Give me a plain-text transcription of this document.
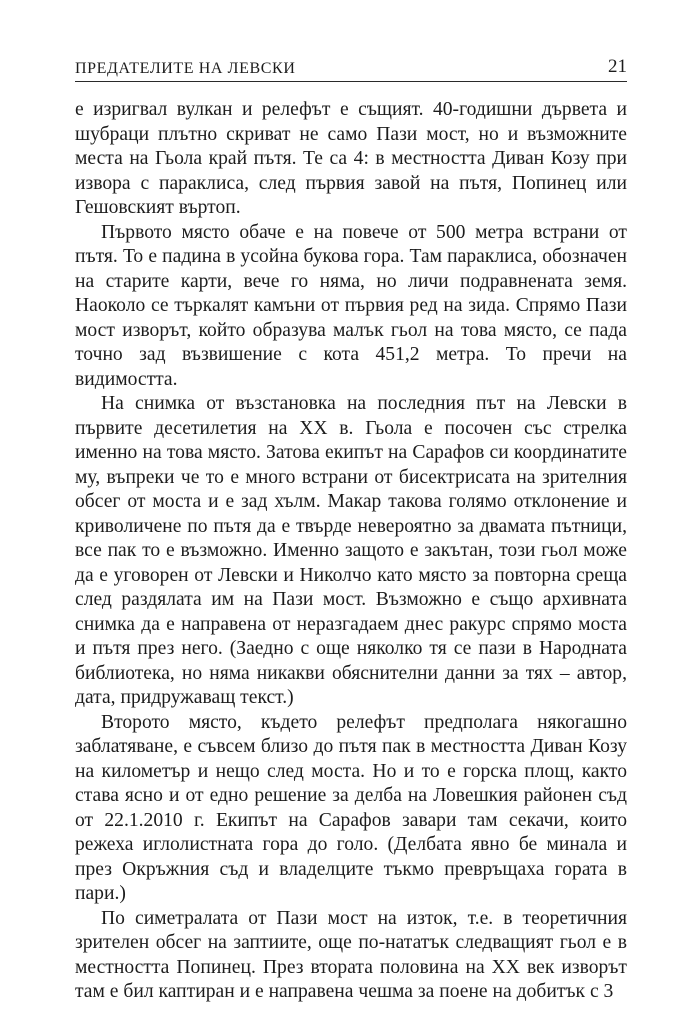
ПРЕДАТЕЛИТЕ НА ЛЕВСКИ	21

е изригвал вулкан и релефът е същият. 40-годишни дървета и шубраци плътно скриват не само Пази мост, но и възможните места на Гьола край пътя. Те са 4: в местността Диван Козу при извора с параклиса, след първия завой на пътя, Попинец или Гешовският въртоп.

Първото място обаче е на повече от 500 метра встрани от пътя. То е падина в усойна букова гора. Там параклиса, обозначен на старите карти, вече го няма, но личи подравнената земя. Наоколо се търкалят камъни от първия ред на зида. Спрямо Пази мост изворът, който образува малък гьол на това място, се пада точно зад възвишение с кота 451,2 метра. То пречи на видимостта.

На снимка от възстановка на последния път на Левски в първите десетилетия на XX в. Гьола е посочен със стрелка именно на това място. Затова екипът на Сарафов си координатите му, въпреки че то е много встрани от бисектрисата на зрителния обсег от моста и е зад хълм. Макар такова голямо отклонение и криволичене по пътя да е твърде невероятно за двамата пътници, все пак то е възможно. Именно защото е закътан, този гьол може да е уговорен от Левски и Николчо като място за повторна среща след раздялата им на Пази мост. Възможно е също архивната снимка да е направена от неразгадаем днес ракурс спрямо моста и пътя през него. (Заедно с още няколко тя се пази в Народната библиотека, но няма никакви обяснителни данни за тях – автор, дата, придружаващ текст.)

Второто място, където релефът предполага някогашно заблатяване, е съвсем близо до пътя пак в местността Диван Козу на километър и нещо след моста. Но и то е горска площ, както става ясно и от едно решение за делба на Ловешкия районен съд от 22.1.2010 г. Екипът на Сарафов завари там секачи, които режеха иглолистната гора до голо. (Делбата явно бе минала и през Окръжния съд и владелците тъкмо превръщаха гората в пари.)

По симетралата от Пази мост на изток, т.е. в теоретичния зрителен обсег на заптиите, още по-нататък следващият гьол е в местността Попинец. През втората половина на XX век изворът там е бил каптиран и е направена чешма за поене на добитък с 3
